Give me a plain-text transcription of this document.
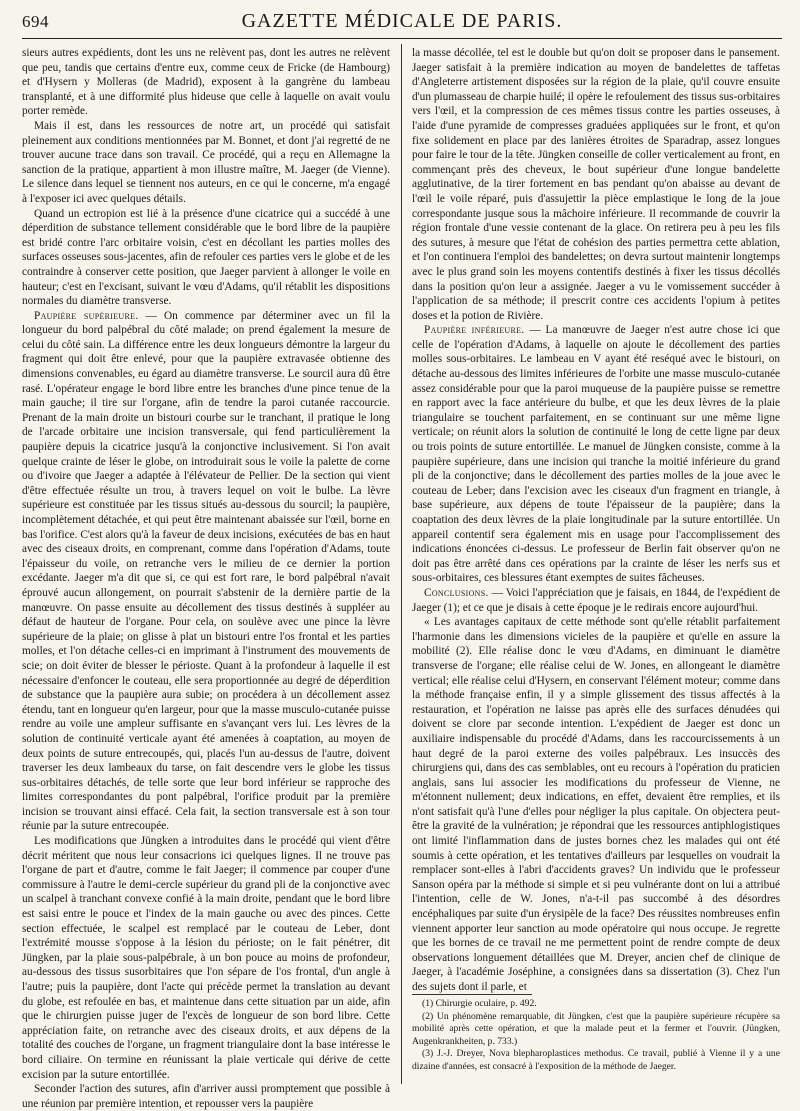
694	GAZETTE MÉDICALE DE PARIS.

sieurs autres expédients, dont les uns ne relèvent pas, dont les autres ne relèvent que peu, tandis que certains d'entre eux, comme ceux de Fricke (de Hambourg) et d'Hysern y Molleras (de Madrid), exposent à la gangrène du lambeau transplanté, et à une difformité plus hideuse que celle à laquelle on avait voulu porter remède.

Mais il est, dans les ressources de notre art, un procédé qui satisfait pleinement aux conditions mentionnées par M. Bonnet, et dont j'ai regretté de ne trouver aucune trace dans son travail. Ce procédé, qui a reçu en Allemagne la sanction de la pratique, appartient à mon illustre maître, M. Jaeger (de Vienne). Le silence dans lequel se tiennent nos auteurs, en ce qui le concerne, m'a engagé à l'exposer ici avec quelques détails.

Quand un ectropion est lié à la présence d'une cicatrice qui a succédé à une déperdition de substance tellement considérable que le bord libre de la paupière est bridé contre l'arc orbitaire voisin, c'est en décollant les parties molles des surfaces osseuses sous-jacentes, afin de refouler ces parties vers le globe et de les contraindre à conserver cette position, que Jaeger parvient à allonger le voile en hauteur; c'est en l'excisant, suivant le vœu d'Adams, qu'il rétablit les dispositions normales du diamètre transverse.

Paupière supérieure. — On commence par déterminer avec un fil la longueur du bord palpébral du côté malade; on prend également la mesure de celui du côté sain. La différence entre les deux longueurs démontre la largeur du fragment qui doit être enlevé, pour que la paupière extravasée obtienne des dimensions convenables, eu égard au diamètre transverse. Le sourcil aura dû être rasé. L'opérateur engage le bord libre entre les branches d'une pince tenue de la main gauche; il tire sur l'organe, afin de tendre la paroi cutanée raccourcie. Prenant de la main droite un bistouri courbe sur le tranchant, il pratique le long de l'arcade orbitaire une incision transversale, qui fend particulièrement la paupière depuis la cicatrice jusqu'à la conjonctive inclusivement. Si l'on avait quelque crainte de léser le globe, on introduirait sous le voile la palette de corne ou d'ivoire que Jaeger a adaptée à l'élévateur de Pellier. De la section qui vient d'être effectuée résulte un trou, à travers lequel on voit le bulbe. La lèvre supérieure est constituée par les tissus situés au-dessous du sourcil; la paupière, incomplètement détachée, et qui peut être maintenant abaissée sur l'œil, borne en bas l'orifice. C'est alors qu'à la faveur de deux incisions, exécutées de bas en haut avec des ciseaux droits, en comprenant, comme dans l'opération d'Adams, toute l'épaisseur du voile, on retranche vers le milieu de ce dernier la portion excédante. Jaeger m'a dit que si, ce qui est fort rare, le bord palpébral n'avait éprouvé aucun allongement, on pourrait s'abstenir de la dernière partie de la manœuvre. On passe ensuite au décollement des tissus destinés à suppléer au défaut de hauteur de l'organe. Pour cela, on soulève avec une pince la lèvre supérieure de la plaie; on glisse à plat un bistouri entre l'os frontal et les parties molles, et l'on détache celles-ci en imprimant à l'instrument des mouvements de scie; on doit éviter de blesser le périoste. Quant à la profondeur à laquelle il est nécessaire d'enfoncer le couteau, elle sera proportionnée au degré de déperdition de substance que la paupière aura subie; on procédera à un décollement assez étendu, tant en longueur qu'en largeur, pour que la masse musculo-cutanée puisse rendre au voile une ampleur suffisante en s'avançant vers lui. Les lèvres de la solution de continuité verticale ayant été amenées à coaptation, au moyen de deux points de suture entrecoupés, qui, placés l'un au-dessus de l'autre, doivent traverser les deux lambeaux du tarse, on fait descendre vers le globe les tissus sus-orbitaires détachés, de telle sorte que leur bord inférieur se rapproche des limites correspondantes du pont palpébral, l'orifice produit par la première incision se trouvant ainsi effacé. Cela fait, la section transversale est à son tour réunie par la suture entrecoupée.

Les modifications que Jüngken a introduites dans le procédé qui vient d'être décrit méritent que nous leur consacrions ici quelques lignes. Il ne trouve pas l'organe de part et d'autre, comme le fait Jaeger; il commence par couper d'une commissure à l'autre le demi-cercle supérieur du grand pli de la conjonctive avec un scalpel à tranchant convexe confié à la main droite, pendant que le bord libre est saisi entre le pouce et l'index de la main gauche ou avec des pinces. Cette section effectuée, le scalpel est remplacé par le couteau de Leber, dont l'extrémité mousse s'oppose à la lésion du périoste; on le fait pénétrer, dit Jüngken, par la plaie sous-palpébrale, à un bon pouce au moins de profondeur, au-dessous des tissus susorbitaires que l'on sépare de l'os frontal, d'un angle à l'autre; puis la paupière, dont l'acte qui précède permet la translation au devant du globe, est refoulée en bas, et maintenue dans cette situation par un aide, afin que le chirurgien puisse juger de l'excès de longueur de son bord libre. Cette appréciation faite, on retranche avec des ciseaux droits, et aux dépens de la totalité des couches de l'organe, un fragment triangulaire dont la base intéresse le bord ciliaire. On termine en réunissant la plaie verticale qui dérive de cette excision par la suture entortillée.

Seconder l'action des sutures, afin d'arriver aussi promptement que possible à une réunion par première intention, et repousser vers la paupière

la masse décollée, tel est le double but qu'on doit se proposer dans le pansement. Jaeger satisfait à la première indication au moyen de bandelettes de taffetas d'Angleterre artistement disposées sur la région de la plaie, qu'il couvre ensuite d'un plumasseau de charpie huilé; il opère le refoulement des tissus sus-orbitaires vers l'œil, et la compression de ces mêmes tissus contre les parties osseuses, à l'aide d'une pyramide de compresses graduées appliquées sur le front, et qu'on fixe solidement en place par des lanières étroites de Sparadrap, assez longues pour faire le tour de la tête. Jüngken conseille de coller verticalement au front, en commençant près des cheveux, le bout supérieur d'une longue bandelette agglutinative, de la tirer fortement en bas pendant qu'on abaisse au devant de l'œil le voile réparé, puis d'assujettir la pièce emplastique le long de la joue correspondante jusque sous la mâchoire inférieure. Il recommande de couvrir la région frontale d'une vessie contenant de la glace. On retirera peu à peu les fils des sutures, à mesure que l'état de cohésion des parties permettra cette ablation, et l'on continuera l'emploi des bandelettes; on devra surtout maintenir longtemps avec le plus grand soin les moyens contentifs destinés à fixer les tissus décollés dans la position qu'on leur a assignée. Jaeger a vu le vomissement succéder à l'application de sa méthode; il prescrit contre ces accidents l'opium à petites doses et la potion de Rivière.

Paupière inférieure. — La manœuvre de Jaeger n'est autre chose ici que celle de l'opération d'Adams, à laquelle on ajoute le décollement des parties molles sous-orbitaires. Le lambeau en V ayant été reséqué avec le bistouri, on détache au-dessous des limites inférieures de l'orbite une masse musculo-cutanée assez considérable pour que la paroi muqueuse de la paupière puisse se remettre en rapport avec la face antérieure du bulbe, et que les deux lèvres de la plaie triangulaire se touchent parfaitement, en se continuant sur une même ligne verticale; on réunit alors la solution de continuité le long de cette ligne par deux ou trois points de suture entortillée. Le manuel de Jüngken consiste, comme à la paupière supérieure, dans une incision qui tranche la moitié inférieure du grand pli de la conjonctive; dans le décollement des parties molles de la joue avec le couteau de Leber; dans l'excision avec les ciseaux d'un fragment en triangle, à base supérieure, aux dépens de toute l'épaisseur de la paupière; dans la coaptation des deux lèvres de la plaie longitudinale par la suture entortillée. Un appareil contentif sera également mis en usage pour l'accomplissement des indications énoncées ci-dessus. Le professeur de Berlin fait observer qu'on ne doit pas être arrêté dans ces opérations par la crainte de léser les nerfs sus et sous-orbitaires, ces blessures étant exemptes de suites fâcheuses.

Conclusions. — Voici l'appréciation que je faisais, en 1844, de l'expédient de Jaeger (1); et ce que je disais à cette époque je le redirais encore aujourd'hui.

« Les avantages capitaux de cette méthode sont qu'elle rétablit parfaitement l'harmonie dans les dimensions vicieles de la paupière et qu'elle en assure la mobilité (2). Elle réalise donc le vœu d'Adams, en diminuant le diamètre transverse de l'organe; elle réalise celui de W. Jones, en allongeant le diamètre vertical; elle réalise celui d'Hysern, en conservant l'élément moteur; comme dans la méthode française enfin, il y a simple glissement des tissus affectés à la restauration, et l'opération ne laisse pas après elle des surfaces dénudées qui doivent se clore par seconde intention. L'expédient de Jaeger est donc un auxiliaire indispensable du procédé d'Adams, dans les raccourcissements à un haut degré de la paroi externe des voiles palpébraux. Les insuccès des chirurgiens qui, dans des cas semblables, ont eu recours à l'opération du praticien anglais, sans lui associer les modifications du professeur de Vienne, ne m'étonnent nullement; deux indications, en effet, devaient être remplies, et ils n'ont satisfait qu'à l'une d'elles pour négliger la plus capitale. On objectera peut-être la gravité de la vulnération; je répondrai que les ressources antiphlogistiques ont limité l'inflammation dans de justes bornes chez les malades qui ont été soumis à cette opération, et les tentatives d'ailleurs par lesquelles on voudrait la remplacer sont-elles à l'abri d'accidents graves? Un individu que le professeur Sanson opéra par la méthode si simple et si peu vulnérante dont on lui a attribué l'intention, celle de W. Jones, n'a-t-il pas succombé à des désordres encéphaliques par suite d'un érysipèle de la face? Des réussites nombreuses enfin viennent apporter leur sanction au mode opératoire qui nous occupe. Je regrette que les bornes de ce travail ne me permettent point de rendre compte de deux observations longuement détaillées que M. Dreyer, ancien chef de clinique de Jaeger, à l'académie Joséphine, a consignées dans sa dissertation (3). Chez l'un des sujets dont il parle, et

(1) Chirurgie oculaire, p. 492.

(2) Un phénomène remarquable, dit Jüngken, c'est que la paupière supérieure récupère sa mobilité après cette opération, et que la malade peut et la fermer et l'ouvrir. (Jüngken, Augenkrankheiten, p. 733.)

(3) J.-J. Dreyer, Nova blepharoplastices methodus. Ce travail, publié à Vienne il y a une dizaine d'années, est consacré à l'exposition de la méthode de Jaeger.
